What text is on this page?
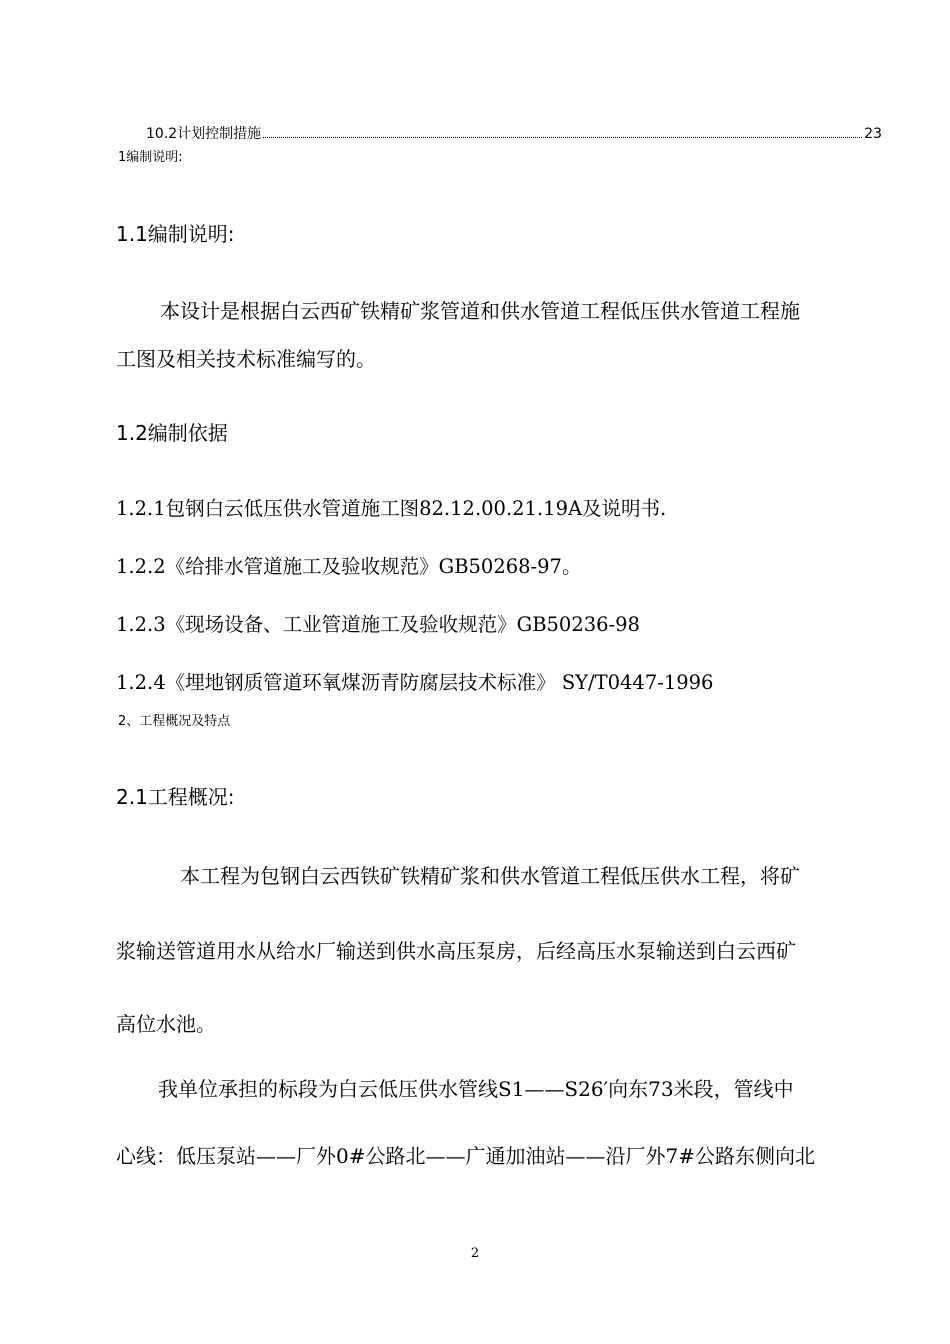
10.2计划控制措施	23
1编制说明:
1.1编制说明:
本设计是根据白云西矿铁精矿浆管道和供水管道工程低压供水管道工程施
工图及相关技术标准编写的。
1.2编制依据
1.2.1包钢白云低压供水管道施工图82.12.00.21.19A及说明书.
1.2.2《给排水管道施工及验收规范》GB50268-97。
1.2.3《现场设备、工业管道施工及验收规范》GB50236-98
1.2.4《埋地钢质管道环氧煤沥青防腐层技术标准》 SY/T0447-1996
2、工程概况及特点
2.1工程概况:
本工程为包钢白云西铁矿铁精矿浆和供水管道工程低压供水工程，将矿
浆输送管道用水从给水厂输送到供水高压泵房，后经高压水泵输送到白云西矿
高位水池。
我单位承担的标段为白云低压供水管线S1——S26′向东73米段，管线中
心线：低压泵站——厂外0#公路北——广通加油站——沿厂外7#公路东侧向北
2
